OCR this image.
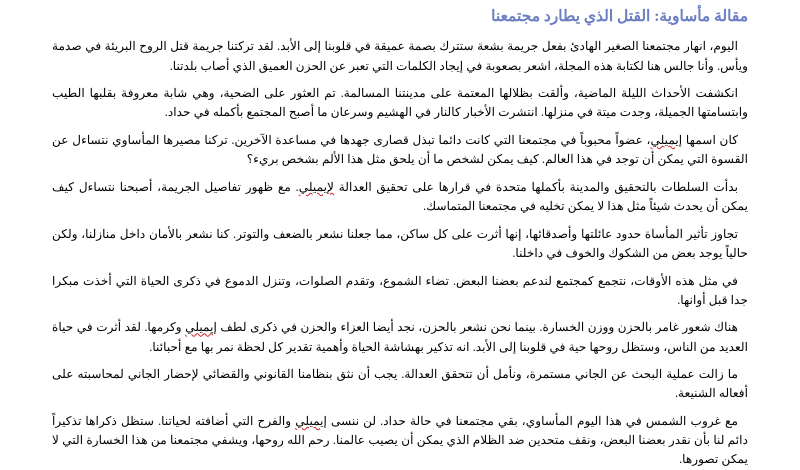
مقالة مأساوية: القتل الذي يطارد مجتمعنا

اليوم، انهار مجتمعنا الصغير الهادئ بفعل جريمة بشعة ستترك بصمة عميقة في قلوبنا إلى الأبد. لقد تركتنا جريمة قتل الروح البريئة في صدمة ويأس. وأنا جالس هنا لكتابة هذه المجلة، اشعر بصعوبة في إيجاد الكلمات التي تعبر عن الحزن العميق الذي أصاب بلدتنا.

انكشفت الأحداث الليلة الماضية، وألقت بظلالها المعتمة على مدينتنا المسالمة. تم العثور على الضحية، وهي شابة معروفة بقلبها الطيب وابتسامتها الجميلة، وجدت ميتة في منزلها. انتشرت الأخبار كالنار في الهشيم وسرعان ما أصبح المجتمع بأكمله في حداد.

كان اسمها إيميلي، عضواً محبوباً في مجتمعنا التي كانت دائما تبذل قصارى جهدها في مساعدة الآخرين. تركنا مصيرها المأساوي نتساءل عن القسوة التي يمكن أن توجد في هذا العالم. كيف يمكن لشخص ما أن يلحق مثل هذا الألم بشخص بريء؟

بدأت السلطات بالتحقيق والمدينة بأكملها متحدة في قرارها على تحقيق العدالة لإيميلي. مع ظهور تفاصيل الجريمة، أصبحنا نتساءل كيف يمكن أن يحدث شيئاً مثل هذا لا يمكن تخليه في مجتمعنا المتماسك.

تجاوز تأثير المأساة حدود عائلتها وأصدقائها، إنها أثرت على كل ساكن، مما جعلنا نشعر بالضعف والتوتر. كنا نشعر بالأمان داخل منازلنا، ولكن حالياً يوجد بعض من الشكوك والخوف في داخلنا.

في مثل هذه الأوقات، نتجمع كمجتمع لندعم بعضنا البعض. تضاء الشموع، وتقدم الصلوات، وتنزل الدموع في ذكرى الحياة التي أخذت مبكرا جدا قبل أوانها.

هناك شعور غامر بالحزن ووزن الخسارة. بينما نحن نشعر بالحزن، نجد أيضا العزاء والحزن في ذكرى لطف إيميلي وكرمها. لقد أثرت في حياة العديد من الناس، وستظل روحها حية في قلوبنا إلى الأبد. انه تذكير بهشاشة الحياة وأهمية تقدير كل لحظة نمر بها مع أحبائنا.

ما زالت عملية البحث عن الجاني مستمرة، ونأمل أن تتحقق العدالة. يجب أن نثق بنظامنا القانوني والقضائي لإحضار الجاني لمحاسبته على أفعاله الشنيعة.

مع غروب الشمس في هذا اليوم المأساوي، بقي مجتمعنا في حالة حداد. لن ننسى إيميلي والفرح التي أضافته لحياتنا. ستظل ذكراها تذكيراً دائم لنا بأن نقدر بعضنا البعض، ونقف متحدين ضد الظلام الذي يمكن أن يصيب عالمنا. رحم الله روحها، ويشفي مجتمعنا من هذا الخسارة التي لا يمكن تصورها.
